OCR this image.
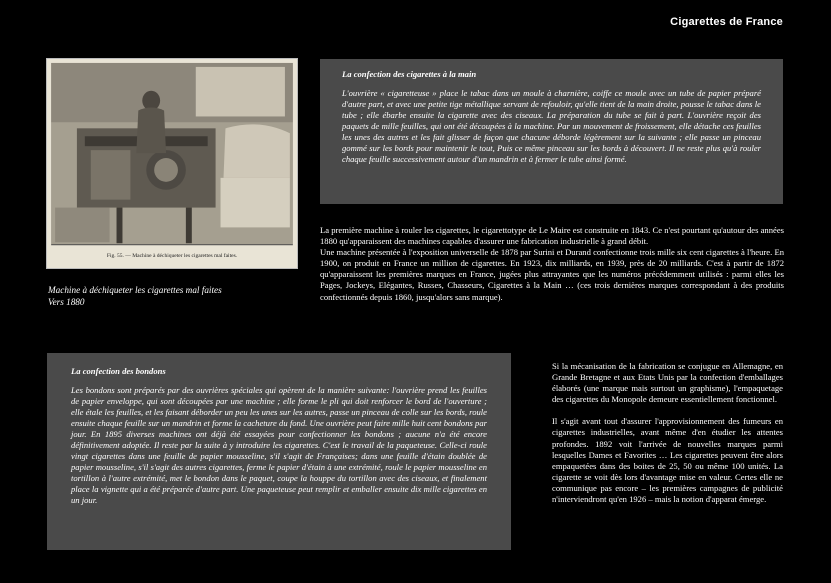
Cigarettes de France
Fig. 55. — Machine à déchiqueter les cigarettes mal faites.
Machine à déchiqueter les cigarettes mal faites
Vers 1880
La confection des cigarettes à la main

L'ouvrière « cigaretteuse » place le tabac dans un moule à charnière, coiffe ce moule avec un tube de papier préparé d'autre part, et avec une petite tige métallique servant de refouloir, qu'elle tient de la main droite, pousse le tabac dans le tube ; elle ébarbe ensuite la cigarette avec des ciseaux. La préparation du tube se fait à part. L'ouvrière reçoit des paquets de mille feuilles, qui ont été découpées à la machine. Par un mouvement de froissement, elle détache ces feuilles les unes des autres et les fait glisser de façon que chacune déborde légèrement sur la suivante ; elle passe un pinceau gommé sur les bords pour maintenir le tout, Puis ce même pinceau sur les bords à découvert. Il ne reste plus qu'à rouler chaque feuille successivement autour d'un mandrin et à fermer le tube ainsi formé.

La première machine à rouler les cigarettes, le cigarettotype de Le Maire est construite en 1843. Ce n'est pourtant qu'autour des années 1880 qu'apparaissent des machines capables d'assurer une fabrication industrielle à grand débit.

Une machine présentée à l'exposition universelle de 1878 par Surini et Durand confectionne trois mille six cent cigarettes à l'heure. En 1900, on produit en France un million de cigarettes. En 1923, dix milliards, en 1939, près de 20 milliards. C'est à partir de 1872 qu'apparaissent les premières marques en France, jugées plus attrayantes que les numéros précédemment utilisés : parmi elles les Pages, Jockeys, Elégantes, Russes, Chasseurs, Cigarettes à la Main … (ces trois dernières marques correspondant à des produits confectionnés depuis 1860, jusqu'alors sans marque).

La confection des bondons

Les bondons sont préparés par des ouvrières spéciales qui opèrent de la manière suivante: l'ouvrière prend les feuilles de papier enveloppe, qui sont découpées par une machine ; elle forme le pli qui doit renforcer le bord de l'ouverture ; elle étale les feuilles, et les faisant déborder un peu les unes sur les autres, passe un pinceau de colle sur les bords, roule ensuite chaque feuille sur un mandrin et forme la cacheture du fond. Une ouvrière peut faire mille huit cent bondons par jour. En 1895 diverses machines ont déjà été essayées pour confectionner les bondons ; aucune n'a été encore définitivement adoptée. Il reste par la suite à y introduire les cigarettes. C'est le travail de la paqueteuse. Celle-ci roule vingt cigarettes dans une feuille de papier mousseline, s'il s'agit de Françaises; dans une feuille d'étain doublée de papier mousseline, s'il s'agit des autres cigarettes, ferme le papier d'étain à une extrémité, roule le papier mousseline en tortillon à l'autre extrémité, met le bondon dans le paquet, coupe la houppe du tortillon avec des ciseaux, et finalement place la vignette qui a été préparée d'autre part. Une paqueteuse peut remplir et emballer ensuite dix mille cigarettes en un jour.

Si la mécanisation de la fabrication se conjugue en Allemagne, en Grande Bretagne et aux Etats Unis par la confection d'emballages élaborés (une marque mais surtout un graphisme), l'empaquetage des cigarettes du Monopole demeure essentiellement fonctionnel.

Il s'agit avant tout d'assurer l'approvisionnement des fumeurs en cigarettes industrielles, avant même d'en étudier les attentes profondes. 1892 voit l'arrivée de nouvelles marques parmi lesquelles Dames et Favorites … Les cigarettes peuvent être alors empaquetées dans des boites de 25, 50 ou même 100 unités. La cigarette se voit dès lors d'avantage mise en valeur. Certes elle ne communique pas encore – les premières campagnes de publicité n'interviendront qu'en 1926 – mais la notion d'apparat émerge.
